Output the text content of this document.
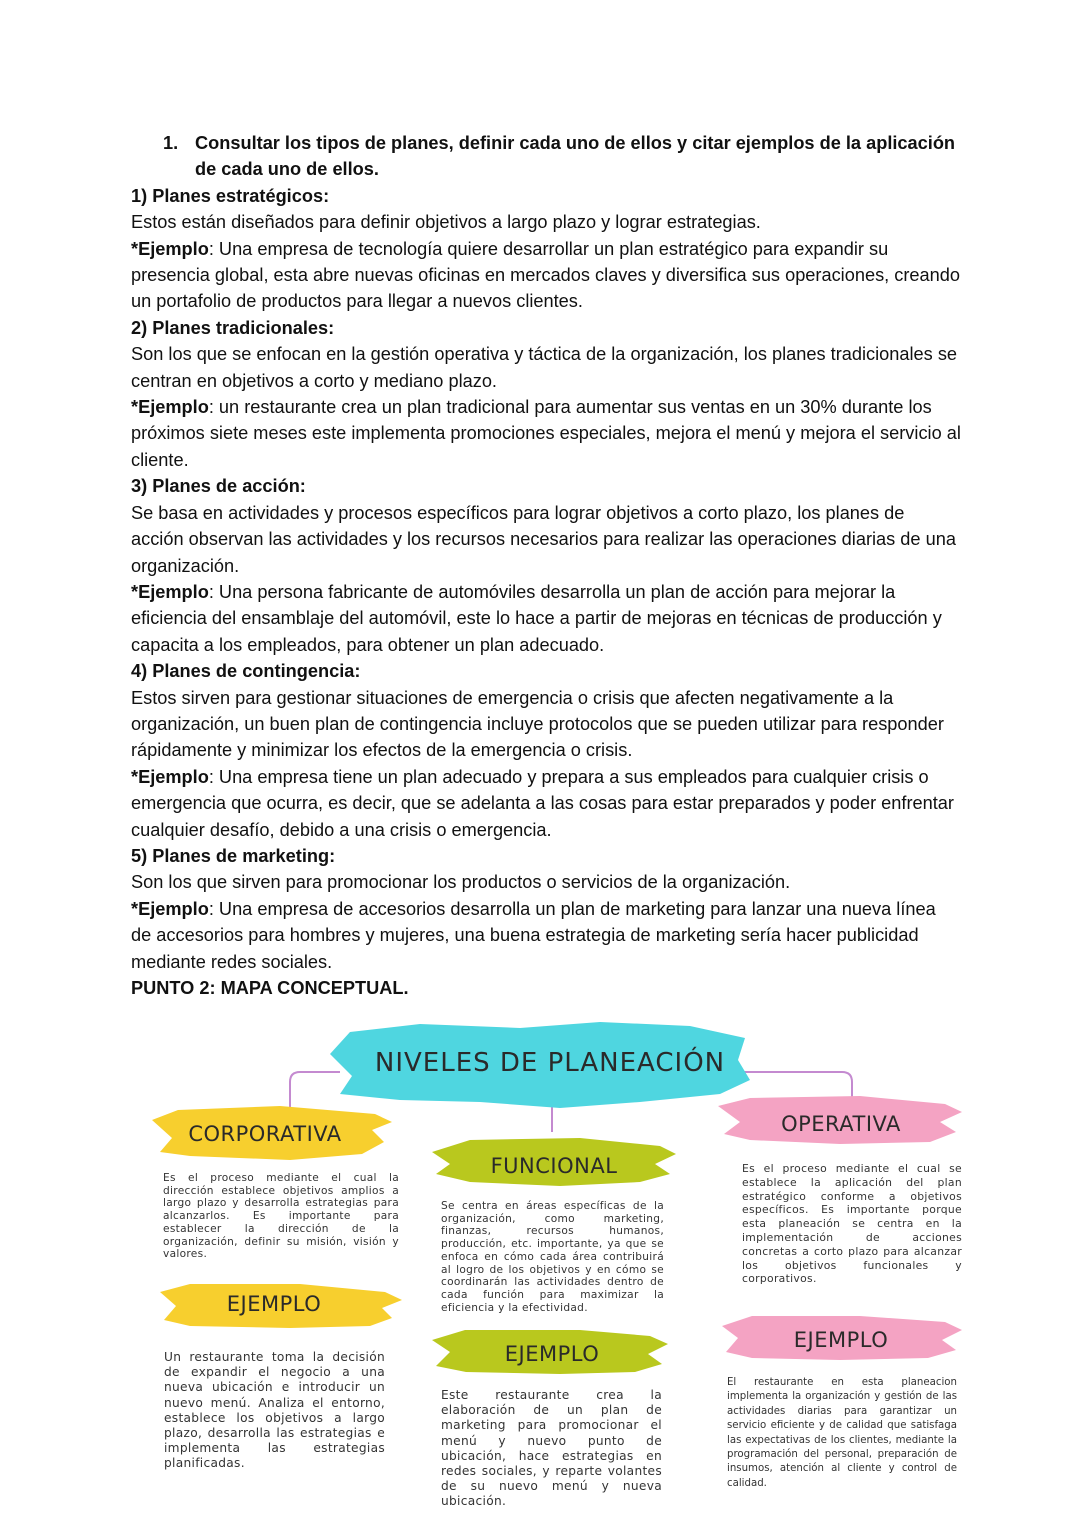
1. Consultar los tipos de planes, definir cada uno de ellos y citar ejemplos de la aplicación de cada uno de ellos.

1) Planes estratégicos:

Estos están diseñados para definir objetivos a largo plazo y lograr estrategias.

*Ejemplo: Una empresa de tecnología quiere desarrollar un plan estratégico para expandir su presencia global, esta abre nuevas oficinas en mercados claves y diversifica sus operaciones, creando un portafolio de productos para llegar a nuevos clientes.

2) Planes tradicionales:

Son los que se enfocan en la gestión operativa y táctica de la organización, los planes tradicionales se centran en objetivos a corto y mediano plazo.

*Ejemplo: un restaurante crea un plan tradicional para aumentar sus ventas en un 30% durante los próximos siete meses este implementa promociones especiales, mejora el menú y mejora el servicio al cliente.

3) Planes de acción:

Se basa en actividades y procesos específicos para lograr objetivos a corto plazo, los planes de acción observan las actividades y los recursos necesarios para realizar las operaciones diarias de una organización.

*Ejemplo: Una persona fabricante de automóviles desarrolla un plan de acción para mejorar la eficiencia del ensamblaje del automóvil, este lo hace a partir de mejoras en técnicas de producción y capacita a los empleados, para obtener un plan adecuado.

4) Planes de contingencia:

Estos sirven para gestionar situaciones de emergencia o crisis que afecten negativamente a la organización, un buen plan de contingencia incluye protocolos que se pueden utilizar para responder rápidamente y minimizar los efectos de la emergencia o crisis.

*Ejemplo: Una empresa tiene un plan adecuado y prepara a sus empleados para cualquier crisis o emergencia que ocurra, es decir, que se adelanta a las cosas para estar preparados y poder enfrentar cualquier desafío, debido a una crisis o emergencia.

5) Planes de marketing:

Son los que sirven para promocionar los productos o servicios de la organización.

*Ejemplo: Una empresa de accesorios desarrolla un plan de marketing para lanzar una nueva línea de accesorios para hombres y mujeres, una buena estrategia de marketing sería hacer publicidad mediante redes sociales.

PUNTO 2: MAPA CONCEPTUAL.

NIVELES DE PLANEACIÓN
CORPORATIVA
FUNCIONAL
OPERATIVA
Es el proceso mediante el cual la dirección establece objetivos amplios a largo plazo y desarrolla estrategias para alcanzarlos. Es importante para establecer la dirección de la organización, definir su misión, visión y valores.
Se centra en áreas específicas de la organización, como marketing, finanzas, recursos humanos, producción, etc. importante, ya que se enfoca en cómo cada área contribuirá al logro de los objetivos y en cómo se coordinarán las actividades dentro de cada función para maximizar la eficiencia y la efectividad.
Es el proceso mediante el cual se establece la aplicación del plan estratégico conforme a objetivos específicos. Es importante porque esta planeación se centra en la implementación de acciones concretas a corto plazo para alcanzar los objetivos funcionales y corporativos.
EJEMPLO
EJEMPLO
EJEMPLO
Un restaurante toma la decisión de expandir el negocio a una nueva ubicación e introducir un nuevo menú. Analiza el entorno, establece los objetivos a largo plazo, desarrolla las estrategias e implementa las estrategias planificadas.
Este restaurante crea la elaboración de un plan de marketing para promocionar el menú y nuevo punto de ubicación, hace estrategias en redes sociales, y reparte volantes de su nuevo menú y nueva ubicación.
El restaurante en esta planeacion implementa la organización y gestión de las actividades diarias para garantizar un servicio eficiente y de calidad que satisfaga las expectativas de los clientes, mediante la programación del personal, preparación de insumos, atención al cliente y control de calidad.
